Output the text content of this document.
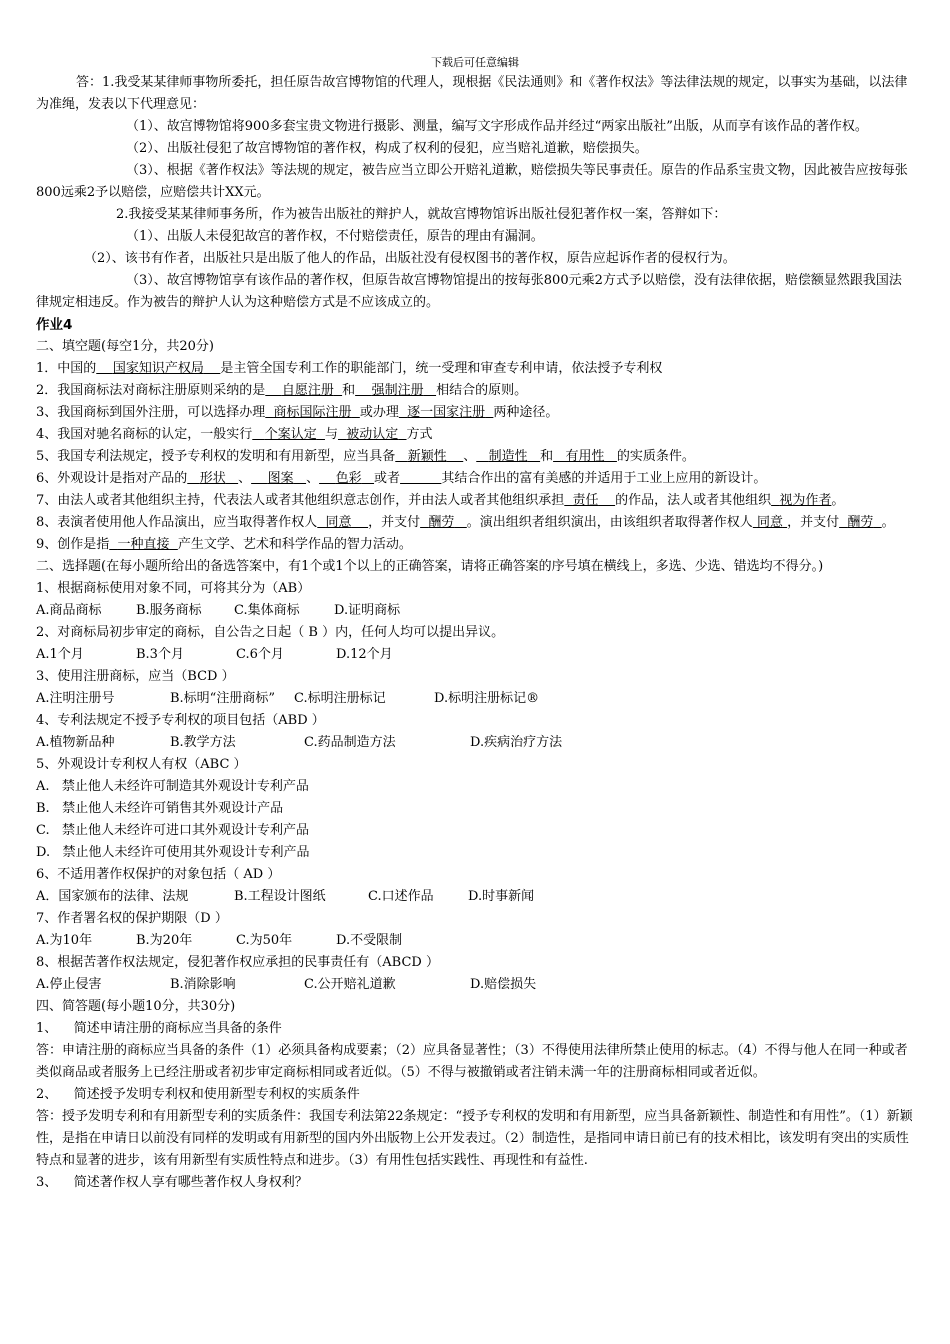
下载后可任意编辑

答：1.我受某某律师事物所委托，担任原告故宫博物馆的代理人，现根据《民法通则》和《著作权法》等法律法规的规定，以事实为基础，以法律为准绳，发表以下代理意见：

（1）、故宫博物馆将900多套宝贵文物进行摄影、测量，编写文字形成作品并经过“两家出版社”出版，从而享有该作品的著作权。

（2）、出版社侵犯了故宫博物馆的著作权，构成了权利的侵犯，应当赔礼道歉，赔偿损失。

（3）、根据《著作权法》等法规的规定，被告应当立即公开赔礼道歉，赔偿损失等民事责任。原告的作品系宝贵文物，因此被告应按每张800远乘2予以赔偿，应赔偿共计XX元。

2.我接受某某律师事务所，作为被告出版社的辩护人，就故宫博物馆诉出版社侵犯著作权一案，答辩如下：

（1）、出版人未侵犯故宫的著作权，不付赔偿责任，原告的理由有漏洞。

（2）、该书有作者，出版社只是出版了他人的作品，出版社没有侵权图书的著作权，原告应起诉作者的侵权行为。

（3）、故宫博物馆享有该作品的著作权，但原告故宫博物馆提出的按每张800元乘2方式予以赔偿，没有法律依据，赔偿额显然跟我国法律规定相违反。作为被告的辩护人认为这种赔偿方式是不应该成立的。

作业4

二、填空题(每空1分，共20分)

1．中国的 国家知识产权局 是主管全国专利工作的职能部门，统一受理和审查专利申请，依法授予专利权

2．我国商标法对商标注册原则采纳的是 自愿注册 和 强制注册 相结合的原则。

3、我国商标到国外注册，可以选择办理 商标国际注册 或办理 逐一国家注册 两种途径。

4、我国对驰名商标的认定，一般实行 个案认定 与 被动认定 方式

5、我国专利法规定，授予专利权的发明和有用新型，应当具备 新颖性 、 制造性 和 有用性 的实质条件。

6、外观设计是指对产品的 形状 、 图案 、 色彩 或者	其结合作出的富有美感的并适用于工业上应用的新设计。

7、由法人或者其他组织主持，代表法人或者其他组织意志创作，并由法人或者其他组织承担 责任 的作品，法人或者其他组织 视为作者。

8、表演者使用他人作品演出，应当取得著作权人 同意 ，并支付 酬劳 。演出组织者组织演出，由该组织者取得著作权人 同意 ，并支付 酬劳 。

9、创作是指 一种直接 产生文学、艺术和科学作品的智力活动。

二、选择题(在每小题所给出的备选答案中，有1个或1个以上的正确答案，请将正确答案的序号填在横线上，多选、少选、错选均不得分。)

1、根据商标使用对象不同，可将其分为（AB）

A.商品商标	B.服务商标 C.集体商标	D.证明商标

2、对商标局初步审定的商标，自公告之日起（ B ）内，任何人均可以提出异议。

A.1个月	B.3个月	C.6个月	D.12个月

3、使用注册商标，应当（BCD ）

A.注明注册号	B.标明“注册商标” C.标明注册标记	D.标明注册标记®

4、专利法规定不授予专利权的项目包括（ABD ）

A.植物新品种	B.教学方法	C.药品制造方法	D.疾病治疗方法

5、外观设计专利权人有权（ABC ）

A.   禁止他人未经许可制造其外观设计专利产品

B.   禁止他人未经许可销售其外观设计产品

C.   禁止他人未经许可进口其外观设计专利产品

D.   禁止他人未经许可使用其外观设计专利产品

6、不适用著作权保护的对象包括（ AD ）

A．国家颁布的法律、法规	B.工程设计图纸	C.口述作品	D.时事新闻

7、作者署名权的保护期限（D ）

A.为10年	B.为20年	C.为50年	D.不受限制

8、根据苦著作权法规定，侵犯著作权应承担的民事责任有（ABCD ）

A.停止侵害	B.消除影响	C.公开赔礼道歉	D.赔偿损失

四、简答题(每小题10分，共30分)

1、    简述申请注册的商标应当具备的条件

答：申请注册的商标应当具备的条件（1）必须具备构成要素；（2）应具备显著性；（3）不得使用法律所禁止使用的标志。（4）不得与他人在同一种或者类似商品或者服务上已经注册或者初步审定商标相同或者近似。（5）不得与被撤销或者注销未满一年的注册商标相同或者近似。

2、    简述授予发明专利权和使用新型专利权的实质条件

答：授予发明专利和有用新型专利的实质条件：我国专利法第22条规定：“授予专利权的发明和有用新型，应当具备新颖性、制造性和有用性”。（1）新颖性，是指在申请日以前没有同样的发明或有用新型的国内外出版物上公开发表过。（2）制造性，是指同申请日前已有的技术相比，该发明有突出的实质性特点和显著的进步，该有用新型有实质性特点和进步。（3）有用性包括实践性、再现性和有益性.

3、    简述著作权人享有哪些著作权人身权利？
